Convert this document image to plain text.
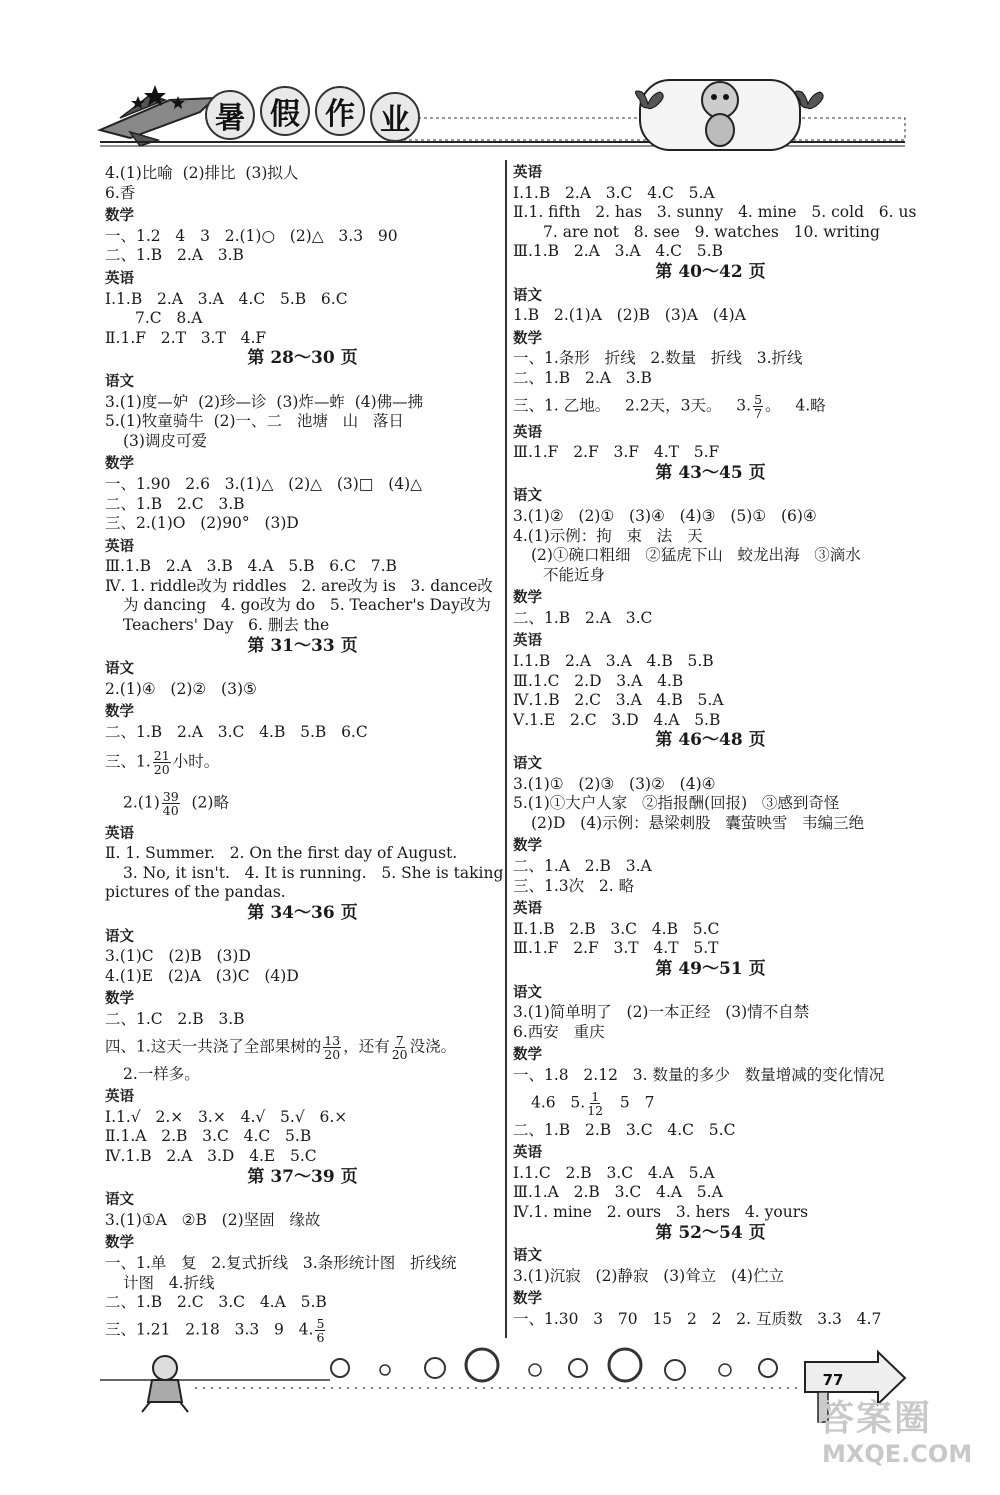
暑 假 作 业
4.(1)比喻  (2)排比  (3)拟人
6.香
数学
一、1.2   4   3   2.(1)○   (2)△   3.3   90
二、1.B   2.A   3.B
英语
Ⅰ.1.B   2.A   3.A   4.C   5.B   6.C
7.C   8.A
Ⅱ.1.F   2.T   3.T   4.F
第 28～30 页
语文
3.(1)度—妒  (2)珍—诊  (3)炸—蚱  (4)佛—拂
5.(1)牧童骑牛  (2)一、二   池塘   山   落日
(3)调皮可爱
数学
一、1.90   2.6   3.(1)△   (2)△   (3)□   (4)△
二、1.B   2.C   3.B
三、2.(1)O   (2)90°   (3)D
英语
Ⅲ.1.B   2.A   3.B   4.A   5.B   6.C   7.B
Ⅳ. 1. riddle改为 riddles   2. are改为 is   3. dance改
为 dancing   4. go改为 do   5. Teacher's Day改为
Teachers' Day   6. 删去 the
第 31～33 页
语文
2.(1)④   (2)②   (3)⑤
数学
二、1.B   2.A   3.C   4.B   5.B   6.C
三、1. $\frac{21}{20}$ 小时。
$2.(1) \frac{39}{40} (2)$略
英语
Ⅱ. 1. Summer.   2. On the first day of August.
3. No, it isn't.   4. It is running.   5. She is taking
pictures of the pandas.
第 34～36 页
语文
3.(1)C   (2)B   (3)D
4.(1)E   (2)A   (3)C   (4)D
数学
二、1.C   2.B   3.B
四、1.这天一共浇了全部果树的 $\frac{13}{20}$ ，还有 $\frac{7}{20}$ 没浇。
2.一样多。
英语
Ⅰ.1.√   2.×   3.×   4.√   5.√   6.×
Ⅱ.1.A   2.B   3.C   4.C   5.B
Ⅳ.1.B   2.A   3.D   4.E   5.C
第 37～39 页
语文
3.(1)①A   ②B   (2)坚固   缘故
数学
一、1.单   复   2.复式折线   3.条形统计图   折线统
计图   4.折线
二、1.B   2.C   3.C   4.A   5.B
三、1.21   2.18   3.3   9   4. $\frac{5}{6}$
英语
Ⅰ.1.B   2.A   3.C   4.C   5.A
Ⅱ.1. fifth   2. has   3. sunny   4. mine   5. cold   6. us
7. are not   8. see   9. watches   10. writing
Ⅲ.1.B   2.A   3.A   4.C   5.B
第 40～42 页
语文
1.B   2.(1)A   (2)B   (3)A   (4)A
数学
一、1.条形   折线   2.数量   折线   3.折线
二、1.B   2.A   3.B
三、1. 乙地。   2.2天，3天。   3. $\frac{5}{7}$ 。   4.略
英语
Ⅲ.1.F   2.F   3.F   4.T   5.F
第 43～45 页
语文
3.(1)②   (2)①   (3)④   (4)③   (5)①   (6)④
4.(1)示例：拘   束   法   天
(2)①碗口粗细   ②猛虎下山   蛟龙出海   ③滴水
不能近身
数学
二、1.B   2.A   3.C
英语
Ⅰ.1.B   2.A   3.A   4.B   5.B
Ⅲ.1.C   2.D   3.A   4.B
Ⅳ.1.B   2.C   3.A   4.B   5.A
Ⅴ.1.E   2.C   3.D   4.A   5.B
第 46～48 页
语文
3.(1)①   (2)③   (3)②   (4)④
5.(1)①大户人家   ②指报酬(回报)   ③感到奇怪
(2)D   (4)示例：悬梁刺股   囊萤映雪   韦编三绝
数学
二、1.A   2.B   3.A
三、1.3次   2. 略
英语
Ⅱ.1.B   2.B   3.C   4.B   5.C
Ⅲ.1.F   2.F   3.T   4.T   5.T
第 49～51 页
语文
3.(1)简单明了   (2)一本正经   (3)情不自禁
6.西安   重庆
数学
一、1.8   2.12   3. 数量的多少   数量增减的变化情况
4.6   5. $\frac{1}{12} 5$   7
二、1.B   2.B   3.C   4.C   5.C
英语
Ⅰ.1.C   2.B   3.C   4.A   5.A
Ⅲ.1.A   2.B   3.C   4.A   5.A
Ⅳ.1. mine   2. ours   3. hers   4. yours
第 52～54 页
语文
3.(1)沉寂   (2)静寂   (3)耸立   (4)伫立
数学
一、1.30   3   70   15   2   2   2. 互质数   3.3   4.7
77
答案圈
MXQE.COM
